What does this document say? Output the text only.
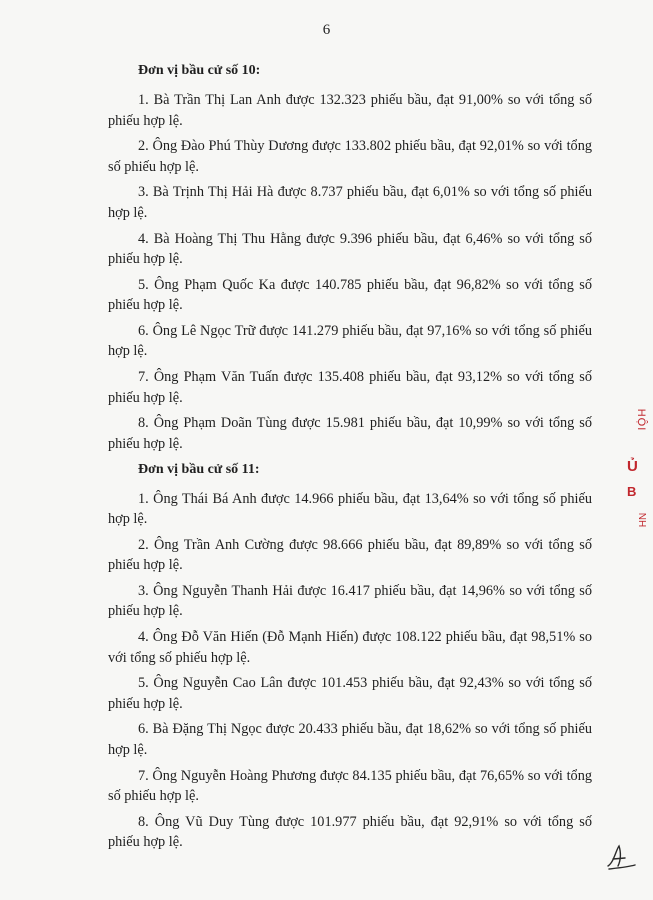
6

Đơn vị bầu cử số 10:

1. Bà Trần Thị Lan Anh được 132.323 phiếu bầu, đạt 91,00% so với tổng số phiếu hợp lệ.

2. Ông Đào Phú Thùy Dương được 133.802 phiếu bầu, đạt 92,01% so với tổng số phiếu hợp lệ.

3. Bà Trịnh Thị Hải Hà được 8.737 phiếu bầu, đạt 6,01% so với tổng số phiếu hợp lệ.

4. Bà Hoàng Thị Thu Hằng được 9.396 phiếu bầu, đạt 6,46% so với tổng số phiếu hợp lệ.

5. Ông Phạm Quốc Ka được 140.785 phiếu bầu, đạt 96,82% so với tổng số phiếu hợp lệ.

6. Ông Lê Ngọc Trữ được 141.279 phiếu bầu, đạt 97,16% so với tổng số phiếu hợp lệ.

7. Ông Phạm Văn Tuấn được 135.408 phiếu bầu, đạt 93,12% so với tổng số phiếu hợp lệ.

8. Ông Phạm Doãn Tùng được 15.981 phiếu bầu, đạt 10,99% so với tổng số phiếu hợp lệ.

Đơn vị bầu cử số 11:

1. Ông Thái Bá Anh được 14.966 phiếu bầu, đạt 13,64% so với tổng số phiếu hợp lệ.

2. Ông Trần Anh Cường được 98.666 phiếu bầu, đạt 89,89% so với tổng số phiếu hợp lệ.

3. Ông Nguyễn Thanh Hải được 16.417 phiếu bầu, đạt 14,96% so với tổng số phiếu hợp lệ.

4. Ông Đỗ Văn Hiến (Đỗ Mạnh Hiến) được 108.122 phiếu bầu, đạt 98,51% so với tổng số phiếu hợp lệ.

5. Ông Nguyễn Cao Lân được 101.453 phiếu bầu, đạt 92,43% so với tổng số phiếu hợp lệ.

6. Bà Đặng Thị Ngọc được 20.433 phiếu bầu, đạt 18,62% so với tổng số phiếu hợp lệ.

7. Ông Nguyễn Hoàng Phương được 84.135 phiếu bầu, đạt 76,65% so với tổng số phiếu hợp lệ.

8. Ông Vũ Duy Tùng được 101.977 phiếu bầu, đạt 92,91% so với tổng số phiếu hợp lệ.

HỘI
Ủ
B
NH
